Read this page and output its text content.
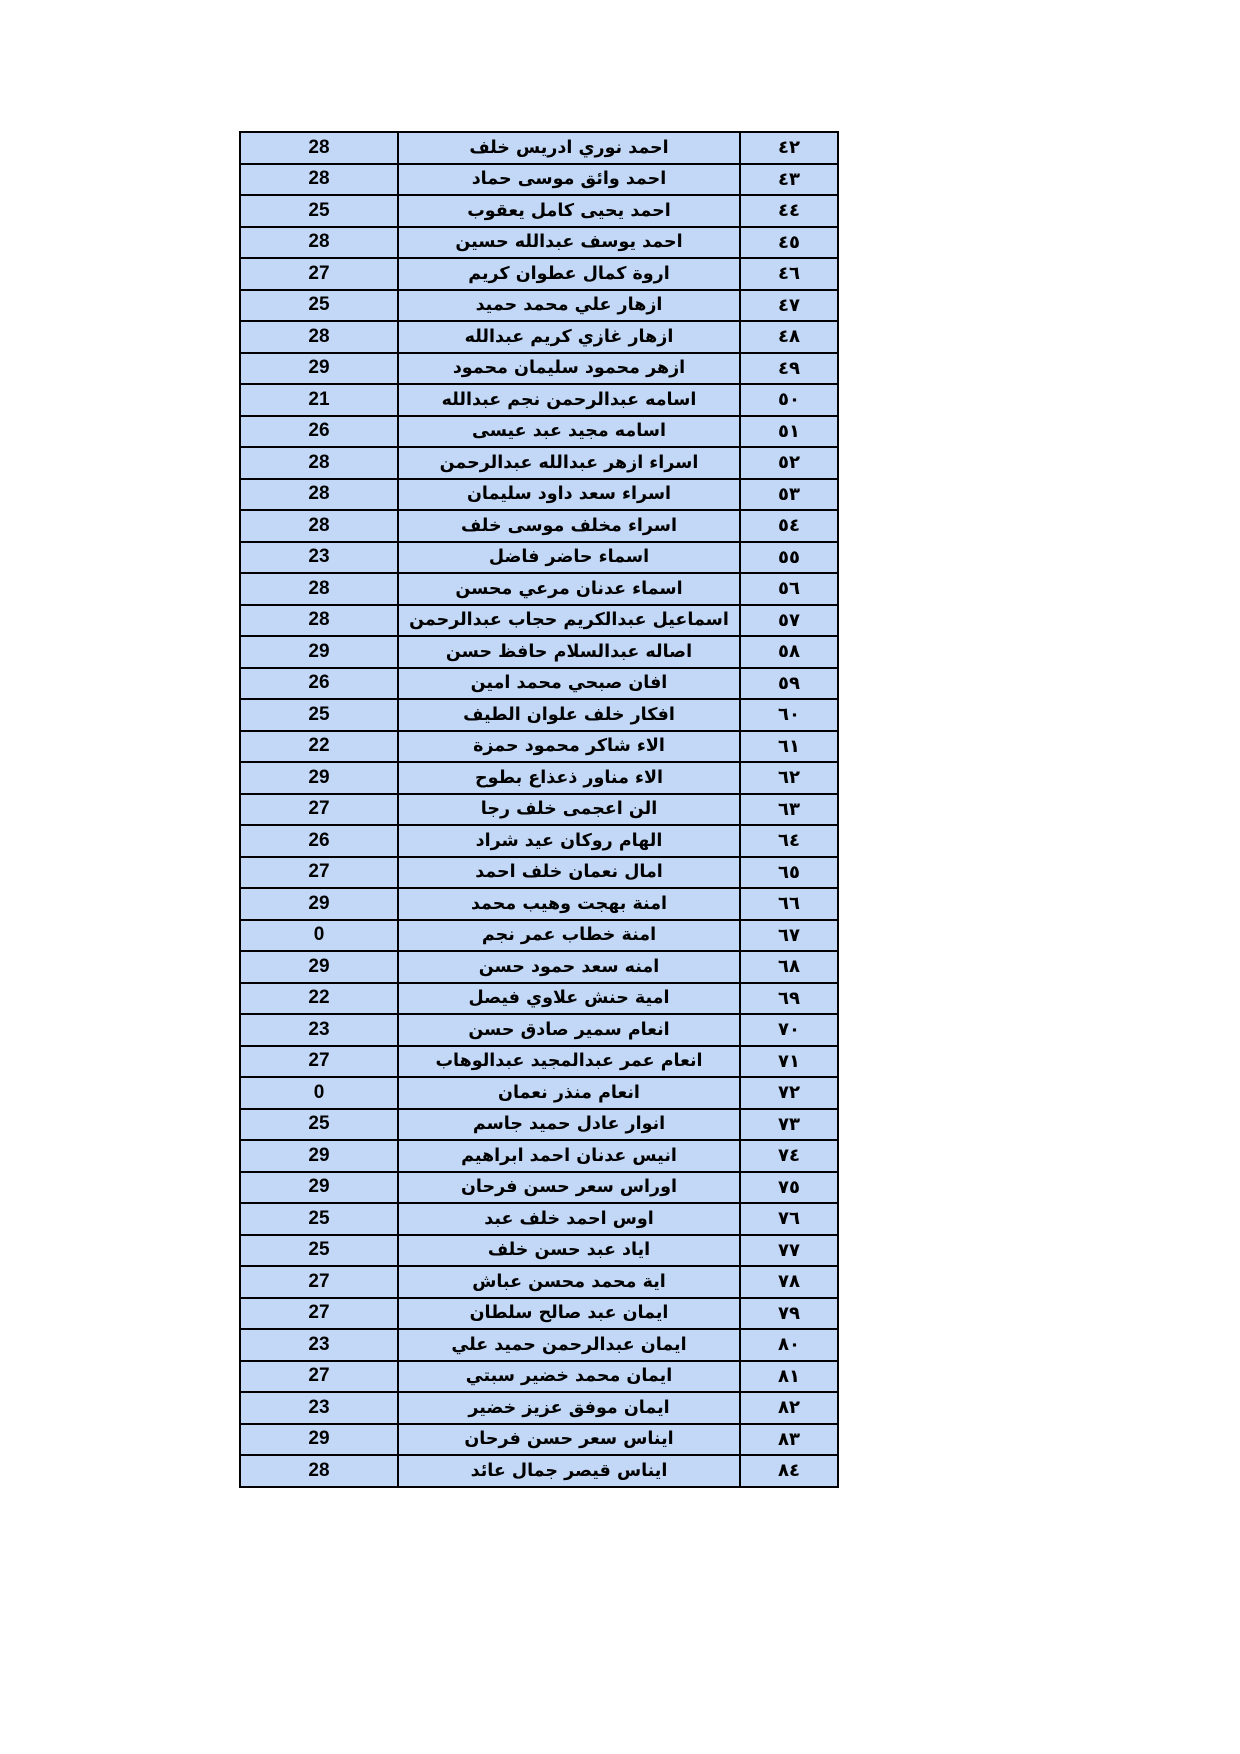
٤٢	احمد نوري ادريس خلف	28
٤٣	احمد وائق موسى حماد	28
٤٤	احمد يحيى كامل يعقوب	25
٤٥	احمد يوسف عبدالله حسين	28
٤٦	اروة كمال عطوان كريم	27
٤٧	ازهار علي محمد حميد	25
٤٨	ازهار غازي كريم عبدالله	28
٤٩	ازهر محمود سليمان محمود	29
٥٠	اسامه عبدالرحمن نجم عبدالله	21
٥١	اسامه مجيد عبد عيسى	26
٥٢	اسراء ازهر عبدالله عبدالرحمن	28
٥٣	اسراء سعد داود سليمان	28
٥٤	اسراء مخلف موسى خلف	28
٥٥	اسماء حاضر فاضل	23
٥٦	اسماء عدنان مرعي محسن	28
٥٧	اسماعيل عبدالكريم حجاب عبدالرحمن	28
٥٨	اصاله عبدالسلام حافظ حسن	29
٥٩	افان صبحي محمد امين	26
٦٠	افكار خلف علوان الطيف	25
٦١	الاء شاكر محمود حمزة	22
٦٢	الاء مناور ذعذاع بطوح	29
٦٣	الن اعجمى خلف رجا	27
٦٤	الهام روكان عيد شراد	26
٦٥	امال نعمان خلف احمد	27
٦٦	امنة بهجت وهيب محمد	29
٦٧	امنة خطاب عمر نجم	0
٦٨	امنه سعد حمود حسن	29
٦٩	امية حنش علاوي فيصل	22
٧٠	انعام سمير صادق حسن	23
٧١	انعام عمر عبدالمجيد عبدالوهاب	27
٧٢	انعام منذر نعمان	0
٧٣	انوار عادل حميد جاسم	25
٧٤	انيس عدنان احمد ابراهيم	29
٧٥	اوراس سعر حسن فرحان	29
٧٦	اوس احمد خلف عبد	25
٧٧	اياد عبد حسن خلف	25
٧٨	اية محمد محسن عباش	27
٧٩	ايمان عبد صالح سلطان	27
٨٠	ايمان عبدالرحمن حميد علي	23
٨١	ايمان محمد خضير سبتي	27
٨٢	ايمان موفق عزيز خضير	23
٨٣	ايناس سعر حسن فرحان	29
٨٤	ايناس قيصر جمال عائد	28
